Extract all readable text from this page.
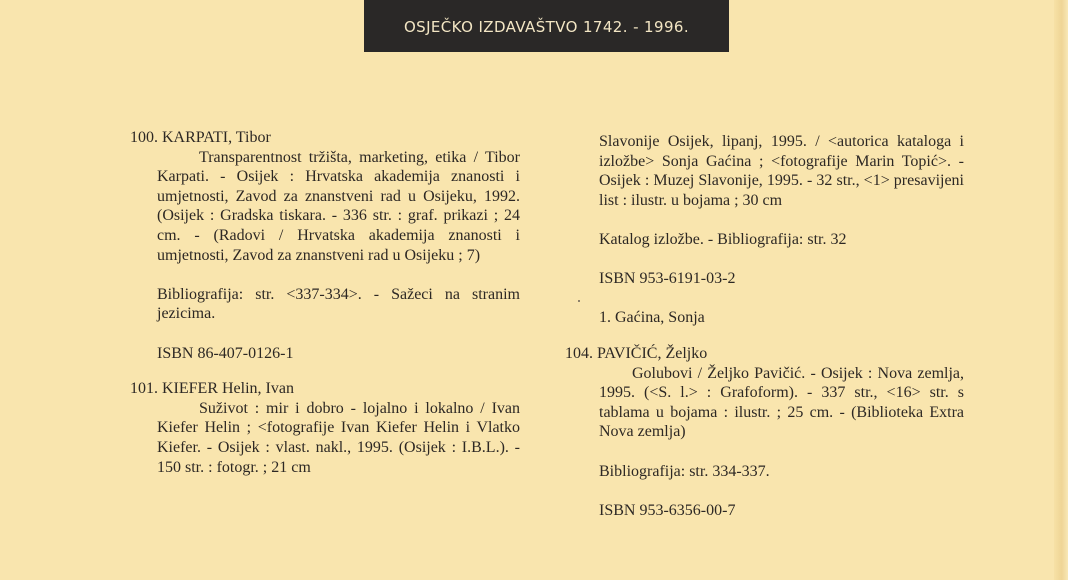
OSJEČKO IZDAVAŠTVO 1742. - 1996.
100. KARPATI, Tibor
Transparentnost tržišta, marketing, etika / Tibor Karpati. - Osijek : Hrvatska akademija znanosti i umjetnosti, Zavod za znanstveni rad u Osijeku, 1992. (Osijek : Gradska tiskara. - 336 str. : graf. prikazi ; 24 cm. - (Radovi / Hrvatska akademija znanosti i umjetnosti, Zavod za znanstveni rad u Osijeku ; 7)
Bibliografija: str. <337-334>. - Sažeci na stranim jezicima.
ISBN 86-407-0126-1
101. KIEFER Helin, Ivan
Suživot : mir i dobro - lojalno i lokalno / Ivan Kiefer Helin ; <fotografije Ivan Kiefer Helin i Vlatko Kiefer. - Osijek : vlast. nakl., 1995. (Osijek : I.B.L.). - 150 str. : fotogr. ; 21 cm
Slavonije Osijek, lipanj, 1995. / <autorica kataloga i izložbe> Sonja Gaćina ; <fotografije Marin Topić>. - Osijek : Muzej Slavonije, 1995. - 32 str., <1> presavijeni list : ilustr. u bojama ; 30 cm
Katalog izložbe. - Bibliografija: str. 32
ISBN 953-6191-03-2
1. Gaćina, Sonja
104. PAVIČIĆ, Željko
Golubovi / Željko Pavičić. - Osijek : Nova zemlja, 1995. (<S. l.> : Grafoform). - 337 str., <16> str. s tablama u bojama : ilustr. ; 25 cm. - (Biblioteka Extra Nova zemlja)
Bibliografija: str. 334-337.
ISBN 953-6356-00-7
